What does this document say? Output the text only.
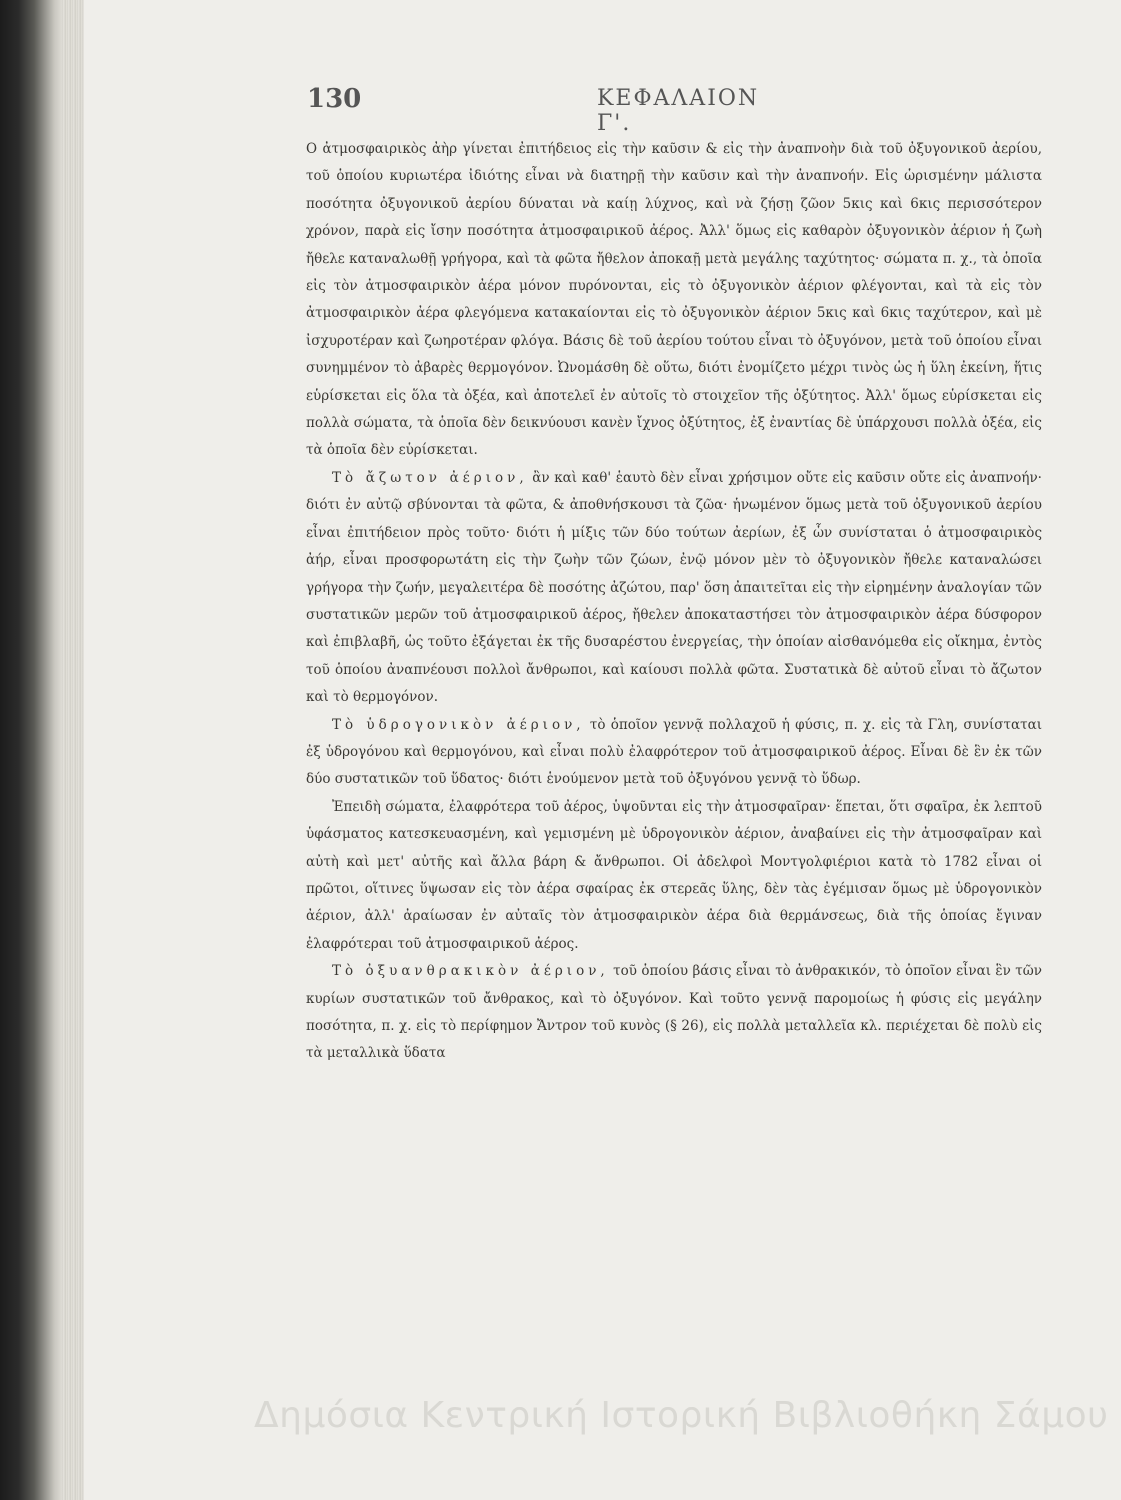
130	ΚΕΦΑΛΑΙΟΝ Γ'.

Ο ἀτμοσφαιρικὸς ἀὴρ γίνεται ἐπιτήδειος εἰς τὴν καῦσιν & εἰς τὴν ἀναπνοὴν διὰ τοῦ ὀξυγονικοῦ ἀερίου, τοῦ ὁποίου κυριωτέρα ἰδιότης εἶναι νὰ διατηρῇ τὴν καῦσιν καὶ τὴν ἀναπνοήν. Εἰς ὡρισμένην μάλιστα ποσότητα ὀξυγονικοῦ ἀερίου δύναται νὰ καίῃ λύχνος, καὶ νὰ ζήσῃ ζῶον 5κις καὶ 6κις περισσότερον χρόνον, παρὰ εἰς ἴσην ποσότητα ἀτμοσφαιρικοῦ ἀέρος. Ἀλλ' ὅμως εἰς καθαρὸν ὀξυγονικὸν ἀέριον ἡ ζωὴ ἤθελε καταναλωθῇ γρήγορα, καὶ τὰ φῶτα ἤθελον ἀποκαῇ μετὰ μεγάλης ταχύτητος· σώματα π. χ., τὰ ὁποῖα εἰς τὸν ἀτμοσφαιρικὸν ἀέρα μόνον πυρόνονται, εἰς τὸ ὀξυγονικὸν ἀέριον φλέγονται, καὶ τὰ εἰς τὸν ἀτμοσφαιρικὸν ἀέρα φλεγόμενα κατακαίονται εἰς τὸ ὀξυγονικὸν ἀέριον 5κις καὶ 6κις ταχύτερον, καὶ μὲ ἰσχυροτέραν καὶ ζωηροτέραν φλόγα. Βάσις δὲ τοῦ ἀερίου τούτου εἶναι τὸ ὀξυγόνον, μετὰ τοῦ ὁποίου εἶναι συνημμένον τὸ ἀβαρὲς θερμογόνον. Ὠνομάσθη δὲ οὕτω, διότι ἐνομίζετο μέχρι τινὸς ὡς ἡ ὕλη ἐκείνη, ἥτις εὑρίσκεται εἰς ὅλα τὰ ὀξέα, καὶ ἀποτελεῖ ἐν αὐτοῖς τὸ στοιχεῖον τῆς ὀξύτητος. Ἀλλ' ὅμως εὑρίσκεται εἰς πολλὰ σώματα, τὰ ὁποῖα δὲν δεικνύουσι κανὲν ἴχνος ὀξύτητος, ἐξ ἐναντίας δὲ ὑπάρχουσι πολλὰ ὀξέα, εἰς τὰ ὁποῖα δὲν εὑρίσκεται.

Τὸ ἄζωτον ἀέριον, ἂν καὶ καθ' ἑαυτὸ δὲν εἶναι χρήσιμον οὔτε εἰς καῦσιν οὔτε εἰς ἀναπνοήν· διότι ἐν αὐτῷ σβύνονται τὰ φῶτα, & ἀποθνήσκουσι τὰ ζῶα· ἡνωμένον ὅμως μετὰ τοῦ ὀξυγονικοῦ ἀερίου εἶναι ἐπιτήδειον πρὸς τοῦτο· διότι ἡ μίξις τῶν δύο τούτων ἀερίων, ἐξ ὧν συνίσταται ὁ ἀτμοσφαιρικὸς ἀήρ, εἶναι προσφορωτάτη εἰς τὴν ζωὴν τῶν ζώων, ἐνῷ μόνον μὲν τὸ ὀξυγονικὸν ἤθελε καταναλώσει γρήγορα τὴν ζωήν, μεγαλειτέρα δὲ ποσότης ἀζώτου, παρ' ὅση ἀπαιτεῖται εἰς τὴν εἰρημένην ἀναλογίαν τῶν συστατικῶν μερῶν τοῦ ἀτμοσφαιρικοῦ ἀέρος, ἤθελεν ἀποκαταστήσει τὸν ἀτμοσφαιρικὸν ἀέρα δύσφορον καὶ ἐπιβλαβῆ, ὡς τοῦτο ἐξάγεται ἐκ τῆς δυσαρέστου ἐνεργείας, τὴν ὁποίαν αἰσθανόμεθα εἰς οἴκημα, ἐντὸς τοῦ ὁποίου ἀναπνέουσι πολλοὶ ἄνθρωποι, καὶ καίουσι πολλὰ φῶτα. Συστατικὰ δὲ αὐτοῦ εἶναι τὸ ἄζωτον καὶ τὸ θερμογόνον.

Τὸ ὑδρογονικὸν ἀέριον, τὸ ὁποῖον γεννᾷ πολλαχοῦ ἡ φύσις, π. χ. εἰς τὰ Γλη, συνίσταται ἐξ ὑδρογόνου καὶ θερμογόνου, καὶ εἶναι πολὺ ἐλαφρότερον τοῦ ἀτμοσφαιρικοῦ ἀέρος. Εἶναι δὲ ἓν ἐκ τῶν δύο συστατικῶν τοῦ ὕδατος· διότι ἑνούμενον μετὰ τοῦ ὀξυγόνου γεννᾷ τὸ ὕδωρ.

Ἐπειδὴ σώματα, ἐλαφρότερα τοῦ ἀέρος, ὑψοῦνται εἰς τὴν ἀτμοσφαῖραν· ἕπεται, ὅτι σφαῖρα, ἐκ λεπτοῦ ὑφάσματος κατεσκευασμένη, καὶ γεμισμένη μὲ ὑδρογονικὸν ἀέριον, ἀναβαίνει εἰς τὴν ἀτμοσφαῖραν καὶ αὐτὴ καὶ μετ' αὐτῆς καὶ ἄλλα βάρη & ἄνθρωποι. Οἱ ἀδελφοὶ Μοντγολφιέριοι κατὰ τὸ 1782 εἶναι οἱ πρῶτοι, οἵτινες ὕψωσαν εἰς τὸν ἀέρα σφαίρας ἐκ στερεᾶς ὕλης, δὲν τὰς ἐγέμισαν ὅμως μὲ ὑδρογονικὸν ἀέριον, ἀλλ' ἀραίωσαν ἐν αὐταῖς τὸν ἀτμοσφαιρικὸν ἀέρα διὰ θερμάνσεως, διὰ τῆς ὁποίας ἔγιναν ἐλαφρότεραι τοῦ ἀτμοσφαιρικοῦ ἀέρος.

Τὸ ὀξυανθρακικὸν ἀέριον, τοῦ ὁποίου βάσις εἶναι τὸ ἀνθρακικόν, τὸ ὁποῖον εἶναι ἓν τῶν κυρίων συστατικῶν τοῦ ἄνθρακος, καὶ τὸ ὀξυγόνον. Καὶ τοῦτο γεννᾷ παρομοίως ἡ φύσις εἰς μεγάλην ποσότητα, π. χ. εἰς τὸ περίφημον Ἄντρον τοῦ κυνὸς (§ 26), εἰς πολλὰ μεταλλεῖα κλ. περιέχεται δὲ πολὺ εἰς τὰ μεταλλικὰ ὕδατα

Δημόσια Κεντρική Ιστορική Βιβλιοθήκη Σάμου
